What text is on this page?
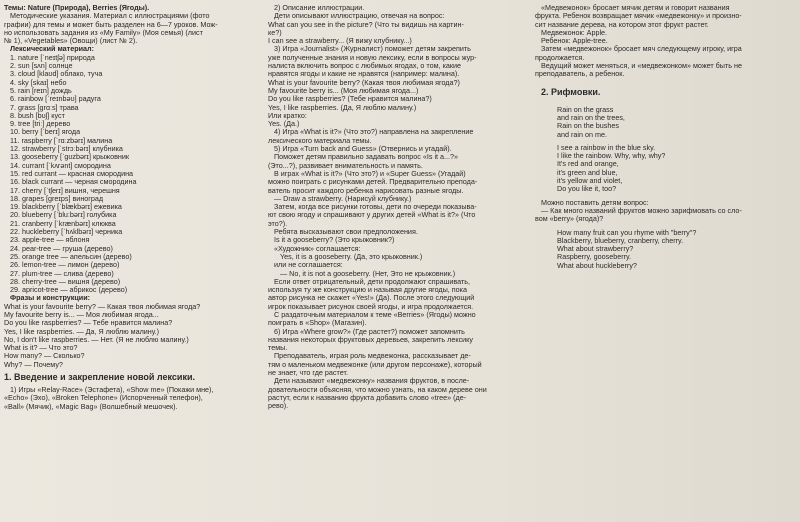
Темы: Nature (Природа), Berries (Ягоды).

Методические указания. Материал с иллюстрациями (фото

графии) для темы и может быть разделен на 6—7 уроков. Мож-

но использовать задания из «My Family» (Моя семья) (лист

№ 1), «Vegetables» (Овощи) (лист № 2).

Лексический материал:

1. nature [ˈneɪtʃə] природа

2. sun [sʌn] солнце

3. cloud [klaʊd] облако, туча

4. sky [skaɪ] небо

5. rain [reɪn] дождь

6. rainbow [ˈreɪnbəʊ] радуга

7. grass [ɡrɑːs] трава

8. bush [bʊʃ] куст

9. tree [triː] дерево

10. berry [ˈberɪ] ягода

11. raspberry [ˈrɑːzbərɪ] малина

12. strawberry [ˈstrɔːbərɪ] клубника

13. gooseberry [ˈɡʊzbərɪ] крыжовник

14. currant [ˈkʌrənt] смородина

15. red currant — красная смородина

16. black currant — черная смородина

17. cherry [ˈtʃerɪ] вишня, черешня

18. grapes [ɡreɪps] виноград

19. blackberry [ˈblækbərɪ] ежевика

20. blueberry [ˈbluːbərɪ] голубика

21. cranberry [ˈkrænbərɪ] клюква

22. huckleberry [ˈhʌklbərɪ] черника

23. apple-tree — яблоня

24. pear-tree — груша (дерево)

25. orange tree — апельсин (дерево)

26. lemon-tree — лимон (дерево)

27. plum-tree — слива (дерево)

28. cherry-tree — вишня (дерево)

29. apricot-tree — абрикос (дерево)

Фразы и конструкции:

What is your favourite berry? — Какая твоя любимая ягода?

My favourite berry is... — Моя любимая ягода...

Do you like raspberries? — Тебе нравится малина?

Yes, I like raspberries. — Да, Я люблю малину.)

No, I don't like raspberries. — Нет. (Я не люблю малину.)

What is it? — Что это?

How many? — Сколько?

Why? — Почему?

1. Введение и закрепление новой лексики.

1) Игры «Relay-Race» (Эстафета), «Show me» (Покажи мне),

«Echo» (Эхо), «Broken Telephone» (Испорченный телефон),

«Ball» (Мячик), «Magic Bag» (Волшебный мешочек).

2) Описание иллюстрации.

Дети описывают иллюстрацию, отвечая на вопрос:

What can you see in the picture? (Что ты видишь на картин-

ке?)

I can see a strawberry... (Я вижу клубнику...)

3) Игра «Journalist» (Журналист) поможет детям закрепить

уже полученные знания и новую лексику, если в вопросы жур-

налиста включить вопрос с любимых ягодах, о том, какие

нравятся ягоды и какие не нравятся (например: малина).

What is your favourite berry? (Какая твоя любимая ягода?)

My favourite berry is... (Моя любимая ягода...)

Do you like raspberries? (Тебе нравится малина?)

Yes, I like raspberries. (Да, Я люблю малину.)

Или кратко:

Yes. (Да.)

4) Игра «What is it?» (Что это?) направлена на закрепление

лексического материала темы.

5) Игра «Turn back and Guess» (Отвернись и угадай).

Поможет детям правильно задавать вопрос «Is it a...?»

(Это...?), развивает внимательность и память.

В играх «What is it?» (Что это?) и «Super Guess» (Угадай)

можно поиграть с рисунками детей. Предварительно препода-

ватель просит каждого ребенка нарисовать разные ягоды.

— Draw a strawberry. (Нарисуй клубнику.)

Затем, когда все рисунки готовы, дети по очереди показыва-

ют свою ягоду и спрашивают у других детей «What is it?» (Что

это?).

Ребята высказывают свои предположения.

Is it a gooseberry? (Это крыжовник?)

«Художник» соглашается:

Yes, it is a gooseberry. (Да, это крыжовник.)

или не соглашается:

— No, it is not a gooseberry. (Нет, Это не крыжовник.)

Если ответ отрицательный, дети продолжают спрашивать,

используя ту же конструкцию и называя другие ягоды, пока

автор рисунка не скажет «Yes!» (Да). После этого следующий

игрок показывает рисунок своей ягоды, и игра продолжается.

С раздаточным материалом к теме «Berries» (Ягоды) можно

поиграть в «Shop» (Магазин).

6) Игра «Where grow?» (Где растет?) поможет запомнить

названия некоторых фруктовых деревьев, закрепить лексику

темы.

Преподаватель, играя роль медвежонка, рассказывает де-

тям о маленьком медвежонке (или другом персонаже), который

не знает, что где растет.

Дети называют «медвежонку» названия фруктов, в после-

довательности объясняя, что можно узнать, на каком дереве они

растут, если к названию фрукта добавить слово «tree» (де-

рево).

«Медвежонок» бросает мячик детям и говорит названия

фрукта. Ребенок возвращает мячик «медвежонку» и произно-

сит название дерева, на котором этот фрукт растет.

Медвежонок: Apple.

Ребенок: Apple-tree.

Затем «медвежонок» бросает мяч следующему игроку, игра

продолжается.

Ведущий может меняться, и «медвежонком» может быть не

преподаватель, а ребенок.

2. Рифмовки.

Rain on the grass

and rain on the trees,

Rain on the bushes

and rain on me.

I see a rainbow in the blue sky.

I like the rainbow. Why, why, why?

It's red and orange,

it's green and blue,

it's yellow and violet,

Do you like it, too?

Можно поставить детям вопрос:

— Как много названий фруктов можно зарифмовать со сло-

вом «berry» (ягода)?

How many fruit can you rhyme with "berry"?

Blackberry, blueberry, cranberry, cherry.

What about strawberry?

Raspberry, gooseberry.

What about huckleberry?
